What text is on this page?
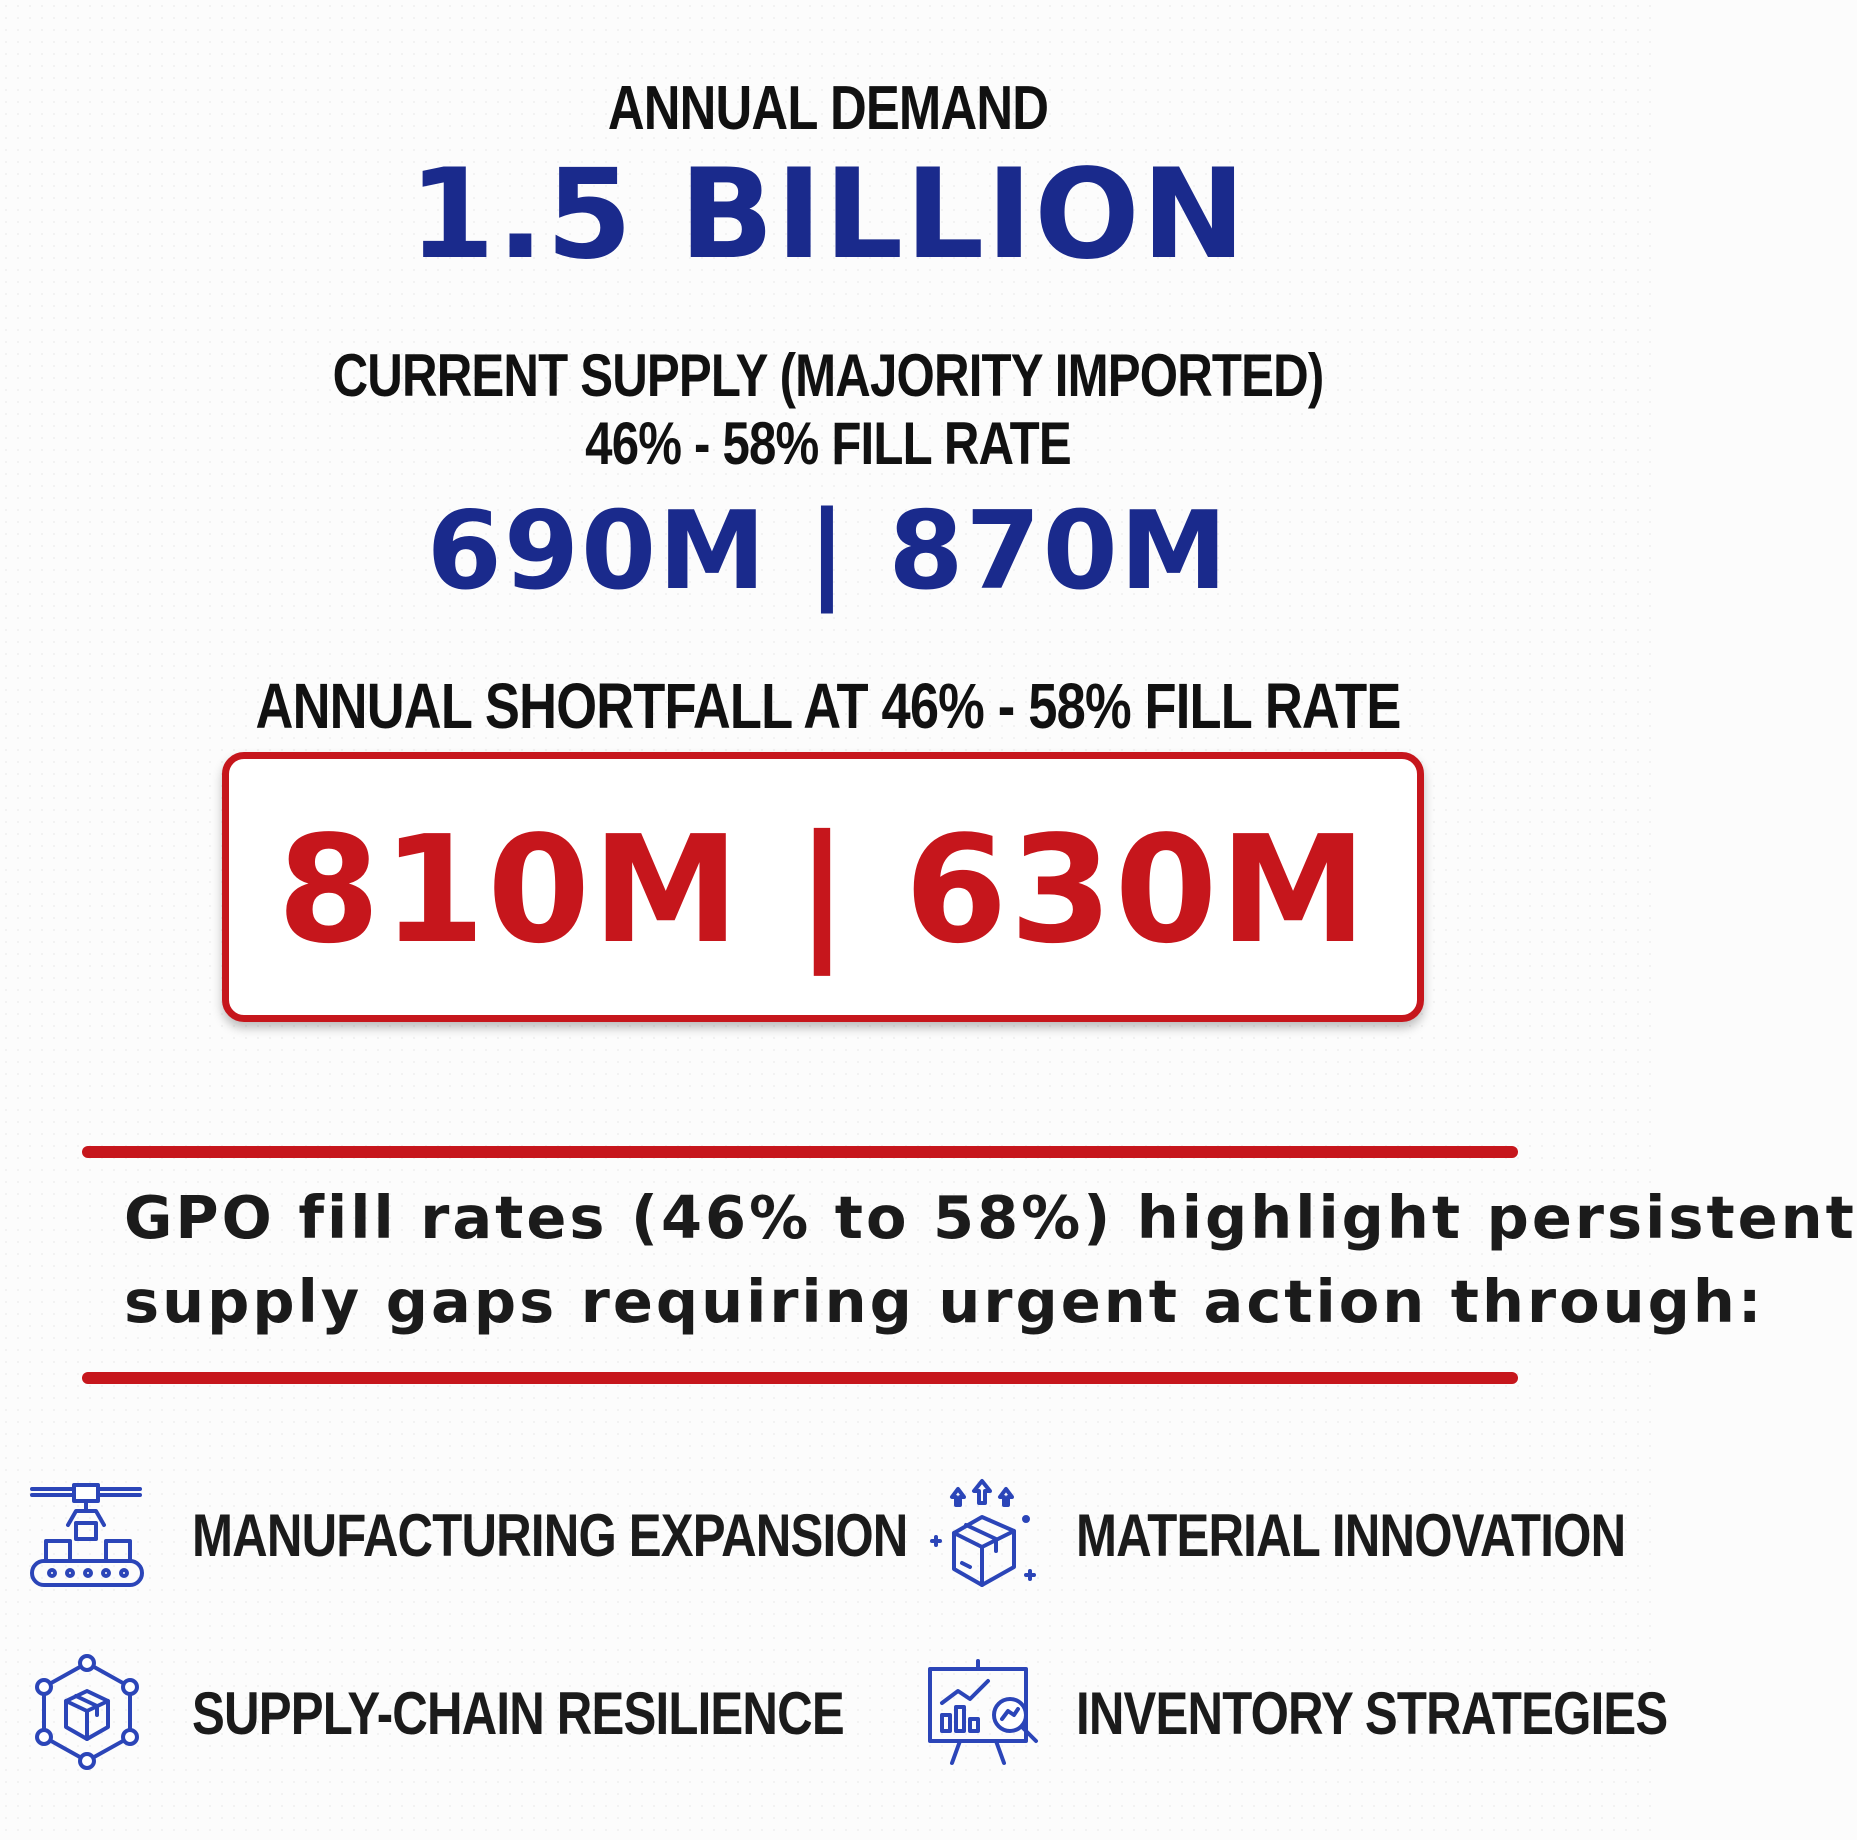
ANNUAL DEMAND
1.5 BILLION
CURRENT SUPPLY (MAJORITY IMPORTED)
46% - 58% FILL RATE
690M | 870M
ANNUAL SHORTFALL AT 46% - 58% FILL RATE
810M | 630M
GPO fill rates (46% to 58%) highlight persistent
supply gaps requiring urgent action through:
MANUFACTURING EXPANSION	MATERIAL INNOVATION
SUPPLY-CHAIN RESILIENCE	INVENTORY STRATEGIES
